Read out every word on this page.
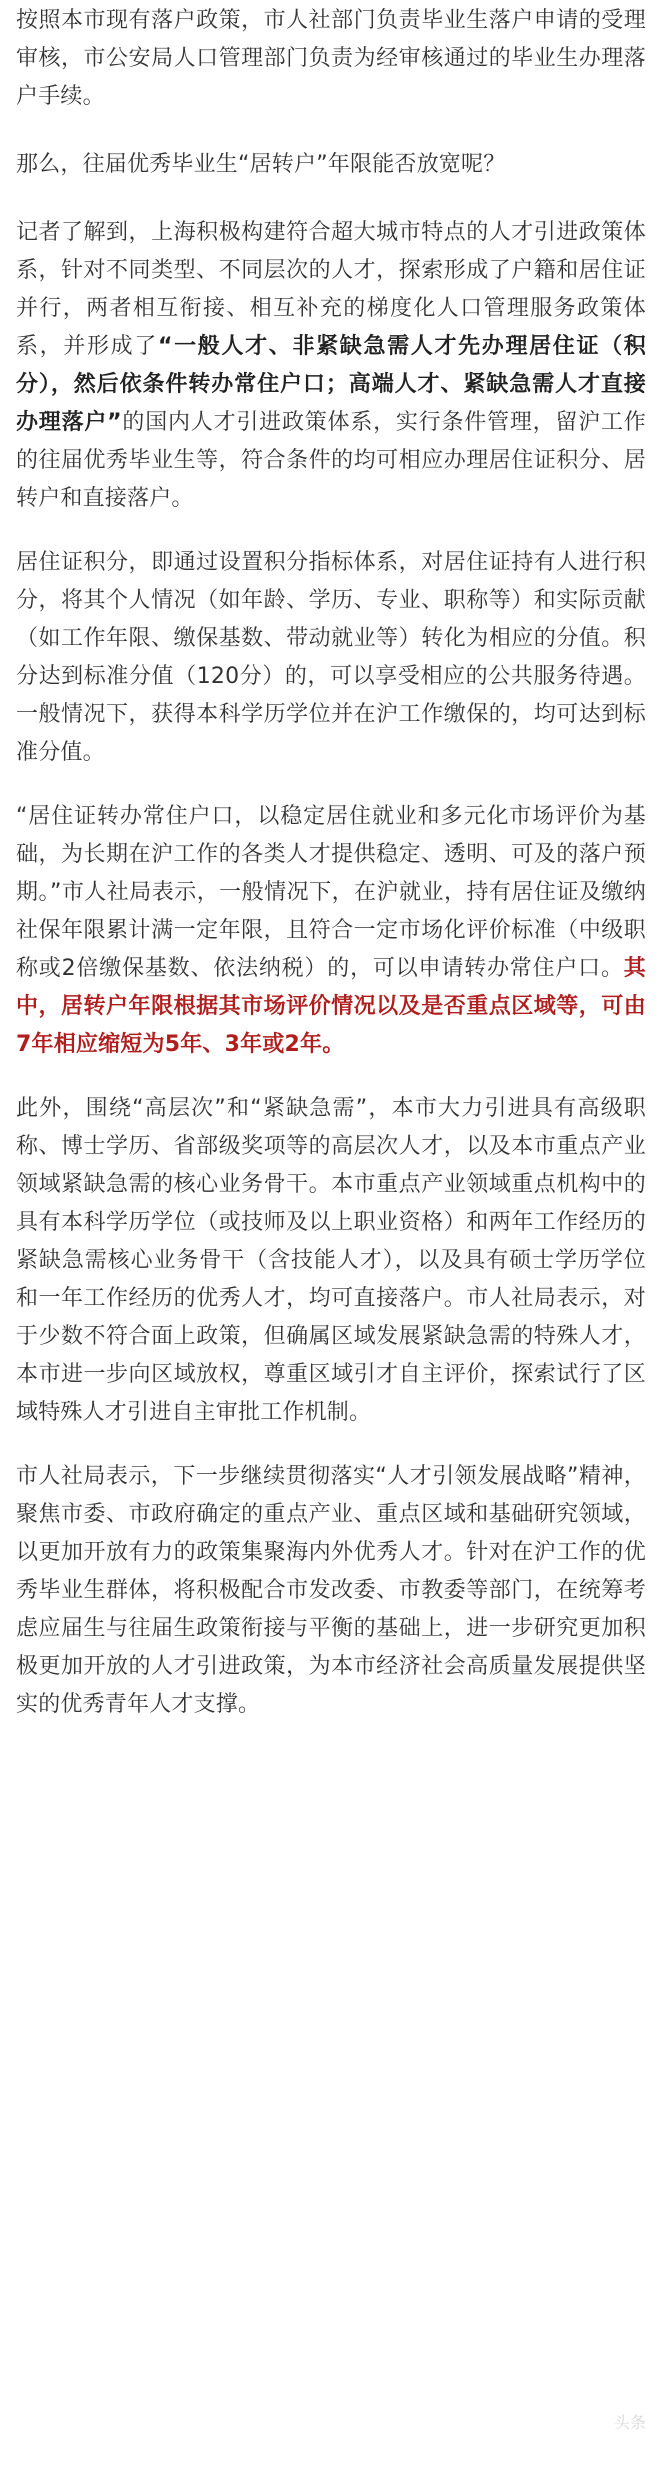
按照本市现有落户政策，市人社部门负责毕业生落户申请的受理审核，市公安局人口管理部门负责为经审核通过的毕业生办理落户手续。

那么，往届优秀毕业生“居转户”年限能否放宽呢？

记者了解到，上海积极构建符合超大城市特点的人才引进政策体系，针对不同类型、不同层次的人才，探索形成了户籍和居住证并行，两者相互衔接、相互补充的梯度化人口管理服务政策体系，并形成了“一般人才、非紧缺急需人才先办理居住证（积分），然后依条件转办常住户口；高端人才、紧缺急需人才直接办理落户”的国内人才引进政策体系，实行条件管理，留沪工作的往届优秀毕业生等，符合条件的均可相应办理居住证积分、居转户和直接落户。

居住证积分，即通过设置积分指标体系，对居住证持有人进行积分，将其个人情况（如年龄、学历、专业、职称等）和实际贡献（如工作年限、缴保基数、带动就业等）转化为相应的分值。积分达到标准分值（120分）的，可以享受相应的公共服务待遇。一般情况下，获得本科学历学位并在沪工作缴保的，均可达到标准分值。

“居住证转办常住户口，以稳定居住就业和多元化市场评价为基础，为长期在沪工作的各类人才提供稳定、透明、可及的落户预期。”市人社局表示，一般情况下，在沪就业，持有居住证及缴纳社保年限累计满一定年限，且符合一定市场化评价标准（中级职称或2倍缴保基数、依法纳税）的，可以申请转办常住户口。其中，居转户年限根据其市场评价情况以及是否重点区域等，可由7年相应缩短为5年、3年或2年。

此外，围绕“高层次”和“紧缺急需”，本市大力引进具有高级职称、博士学历、省部级奖项等的高层次人才，以及本市重点产业领域紧缺急需的核心业务骨干。本市重点产业领域重点机构中的具有本科学历学位（或技师及以上职业资格）和两年工作经历的紧缺急需核心业务骨干（含技能人才），以及具有硕士学历学位和一年工作经历的优秀人才，均可直接落户。市人社局表示，对于少数不符合面上政策，但确属区域发展紧缺急需的特殊人才，本市进一步向区域放权，尊重区域引才自主评价，探索试行了区域特殊人才引进自主审批工作机制。

市人社局表示，下一步继续贯彻落实“人才引领发展战略”精神，聚焦市委、市政府确定的重点产业、重点区域和基础研究领域，以更加开放有力的政策集聚海内外优秀人才。针对在沪工作的优秀毕业生群体，将积极配合市发改委、市教委等部门，在统筹考虑应届生与往届生政策衔接与平衡的基础上，进一步研究更加积极更加开放的人才引进政策，为本市经济社会高质量发展提供坚实的优秀青年人才支撑。

头条
